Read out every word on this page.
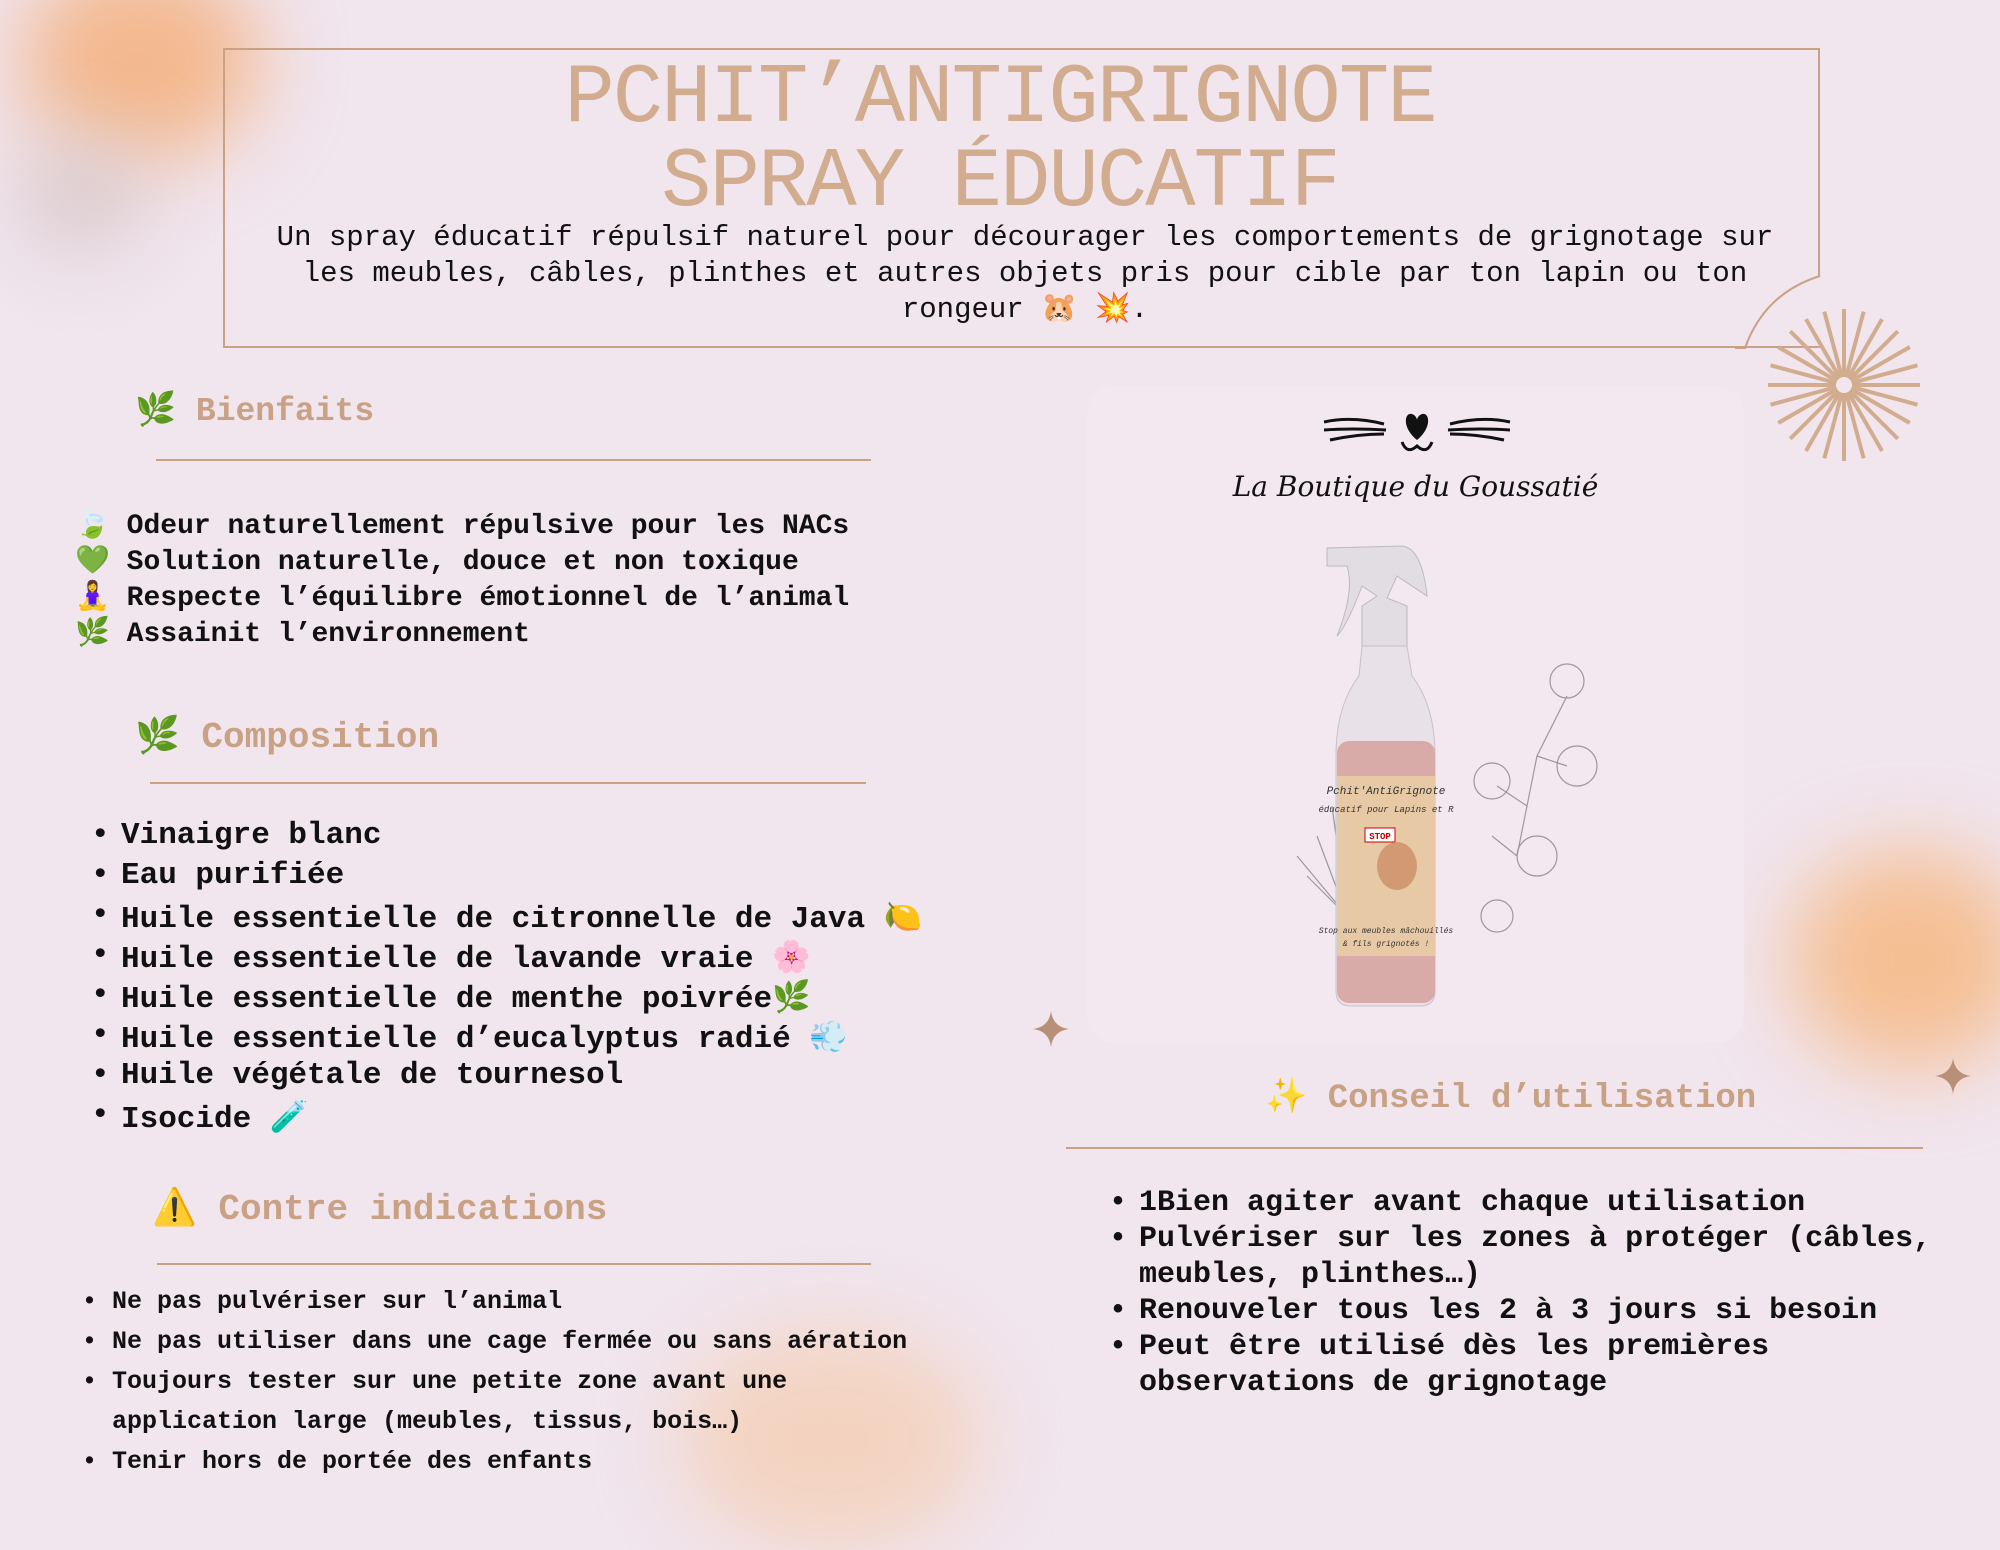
PCHIT’ANTIGRIGNOTE
SPRAY ÉDUCATIF
Un spray éducatif répulsif naturel pour décourager les comportements de grignotage sur les meubles, câbles, plinthes et autres objets pris pour cible par ton lapin ou ton rongeur 🐹 💥.
🌿 Bienfaits
🍃 Odeur naturellement répulsive pour les NACs
💚 Solution naturelle, douce et non toxique
🧘‍♀️ Respecte l’équilibre émotionnel de l’animal
🌿 Assainit l’environnement
🌿 Composition
• Vinaigre blanc
• Eau purifiée
• Huile essentielle de citronnelle de Java 🍋
• Huile essentielle de lavande vraie 🌸
• Huile essentielle de menthe poivrée🌿
• Huile essentielle d’eucalyptus radié 💨
• Huile végétale de tournesol
• Isocide 🧪
⚠️ Contre indications
• Ne pas pulvériser sur l’animal
• Ne pas utiliser dans une cage fermée ou sans aération
• Toujours tester sur une petite zone avant une
application large (meubles, tissus, bois…)
• Tenir hors de portée des enfants
La Boutique du Goussatié
Pchit'AntiGrignote
éducatif pour Lapins et R
STOP
Stop aux meubles mâchouillés
& fils grignotés !
✨ Conseil d’utilisation
• 1Bien agiter avant chaque utilisation
• Pulvériser sur les zones à protéger (câbles,
meubles, plinthes…)
• Renouveler tous les 2 à 3 jours si besoin
• Peut être utilisé dès les premières
observations de grignotage
